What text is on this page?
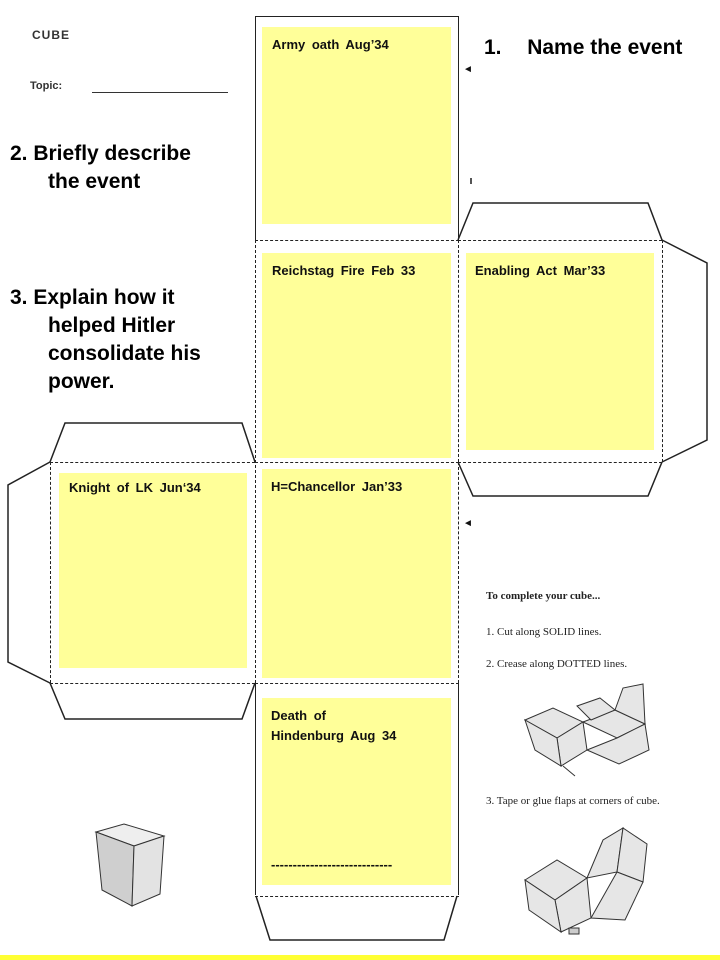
CUBE
Topic:
1. Name the event
2. Briefly describe
the event
3. Explain how it
helped Hitler
consolidate his
power.
◄
◄
Army oath Aug’34
Reichstag Fire Feb 33	Enabling Act Mar’33
Knight of LK Jun‘34	H=Chancellor Jan’33
Death of
Hindenburg Aug 34
----------------------------
To complete your cube...
1. Cut along SOLID lines.
2. Crease along DOTTED lines.
3. Tape or glue flaps at corners of cube.
